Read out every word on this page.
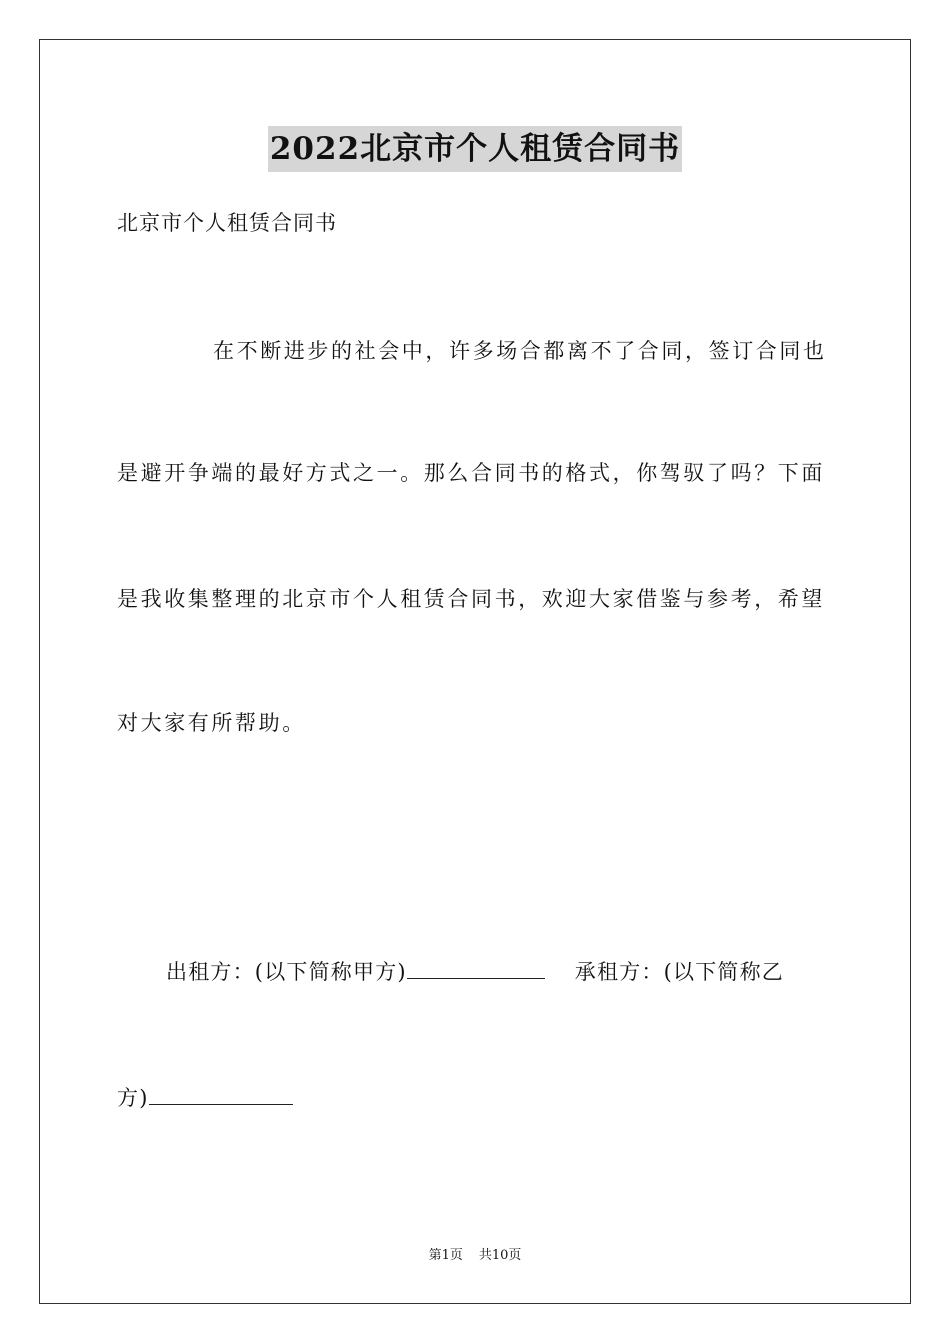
2022北京市个人租赁合同书
北京市个人租赁合同书
在不断进步的社会中，许多场合都离不了合同，签订合同也
是避开争端的最好方式之一。那么合同书的格式，你驾驭了吗？下面
是我收集整理的北京市个人租赁合同书，欢迎大家借鉴与参考，希望
对大家有所帮助。
出租方：(以下简称甲方)	承租方：(以下简称乙
方)
第1页 共10页
